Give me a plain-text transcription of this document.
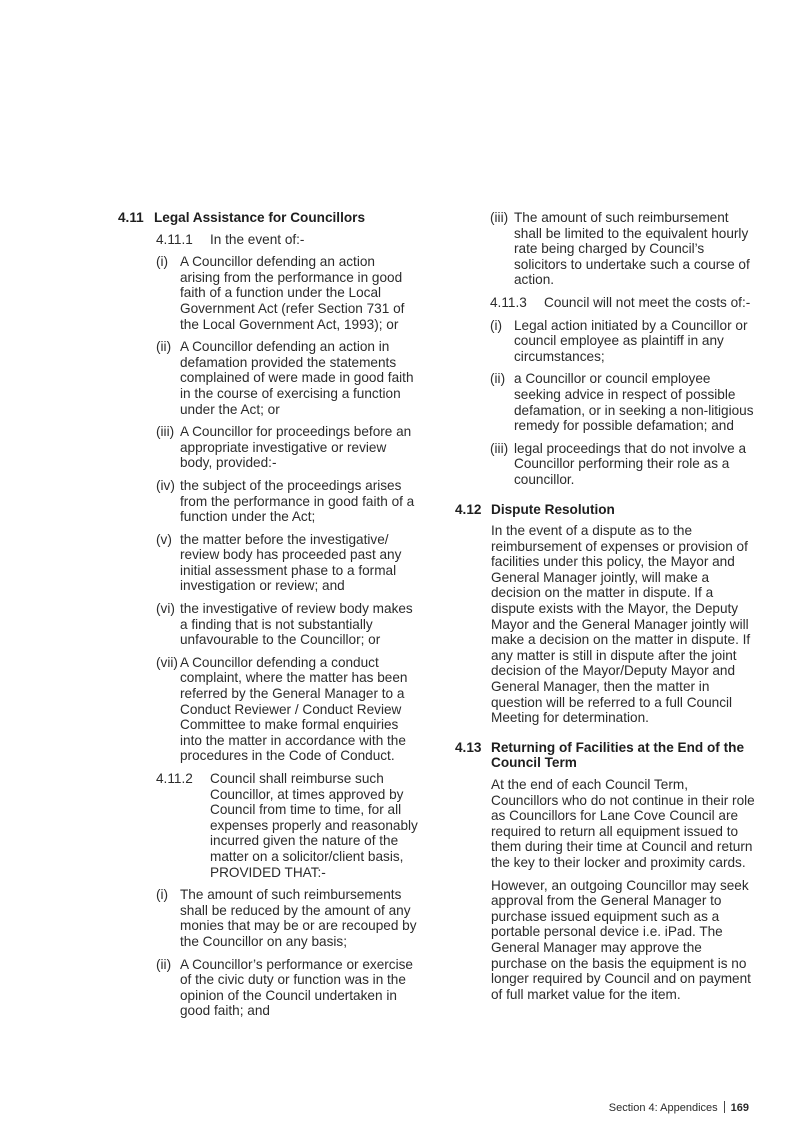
4.11 Legal Assistance for Councillors
4.11.1	In the event of:-
(i) A Councillor defending an action arising from the performance in good faith of a function under the Local Government Act (refer Section 731 of the Local Government Act, 1993); or
(ii) A Councillor defending an action in defamation provided the statements complained of were made in good faith in the course of exercising a function under the Act; or
(iii) A Councillor for proceedings before an appropriate investigative or review body, provided:-
(iv) the subject of the proceedings arises from the performance in good faith of a function under the Act;
(v) the matter before the investigative/ review body has proceeded past any initial assessment phase to a formal investigation or review; and
(vi) the investigative of review body makes a finding that is not substantially unfavourable to the Councillor; or
(vii) A Councillor defending a conduct complaint, where the matter has been referred by the General Manager to a Conduct Reviewer / Conduct Review Committee to make formal enquiries into the matter in accordance with the procedures in the Code of Conduct.
4.11.2	Council shall reimburse such Councillor, at times approved by Council from time to time, for all expenses properly and reasonably incurred given the nature of the matter on a solicitor/client basis, PROVIDED THAT:-
(i) The amount of such reimbursements shall be reduced by the amount of any monies that may be or are recouped by the Councillor on any basis;
(ii) A Councillor’s performance or exercise of the civic duty or function was in the opinion of the Council undertaken in good faith; and
(iii) The amount of such reimbursement shall be limited to the equivalent hourly rate being charged by Council’s solicitors to undertake such a course of action.
4.11.3	Council will not meet the costs of:-
(i) Legal action initiated by a Councillor or council employee as plaintiff in any circumstances;
(ii) a Councillor or council employee seeking advice in respect of possible defamation, or in seeking a non-litigious remedy for possible defamation; and
(iii) legal proceedings that do not involve a Councillor performing their role as a councillor.
4.12 Dispute Resolution

In the event of a dispute as to the reimbursement of expenses or provision of facilities under this policy, the Mayor and General Manager jointly, will make a decision on the matter in dispute. If a dispute exists with the Mayor, the Deputy Mayor and the General Manager jointly will make a decision on the matter in dispute. If any matter is still in dispute after the joint decision of the Mayor/Deputy Mayor and General Manager, then the matter in question will be referred to a full Council Meeting for determination.

4.13 Returning of Facilities at the End of the Council Term

At the end of each Council Term, Councillors who do not continue in their role as Councillors for Lane Cove Council are required to return all equipment issued to them during their time at Council and return the key to their locker and proximity cards.

However, an outgoing Councillor may seek approval from the General Manager to purchase issued equipment such as a portable personal device i.e. iPad. The General Manager may approve the purchase on the basis the equipment is no longer required by Council and on payment of full market value for the item.

Section 4: Appendices 169
